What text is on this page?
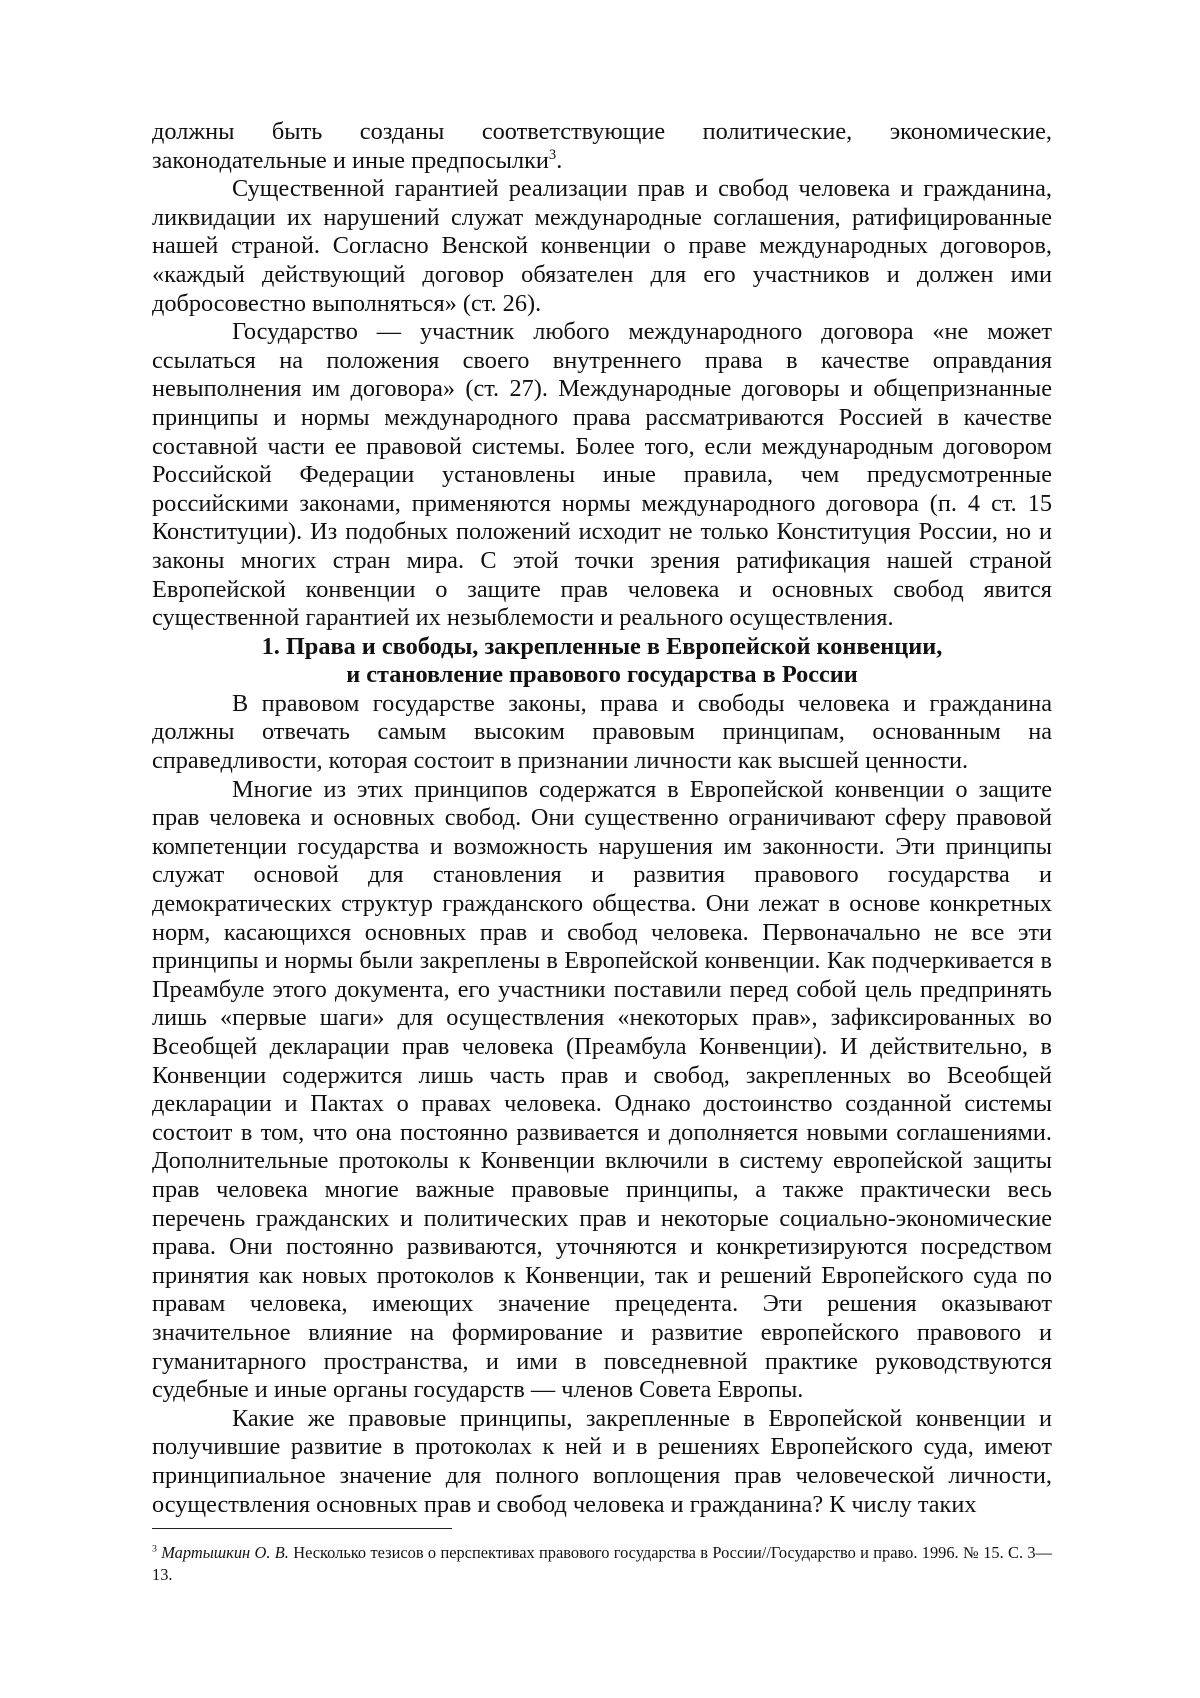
должны быть созданы соответствующие политические, экономические, законодательные и иные предпосылки$^3$.

Существенной гарантией реализации прав и свобод человека и гражданина, ликвидации их нарушений служат международные соглашения, ратифицированные нашей страной. Согласно Венской конвенции о праве международных договоров, «каждый действующий договор обязателен для его участников и должен ими добросовестно выполняться» (ст. 26).

Государство — участник любого международного договора «не может ссылаться на положения своего внутреннего права в качестве оправдания невыполнения им договора» (ст. 27). Международные договоры и общепризнанные принципы и нормы международного права рассматриваются Россией в качестве составной части ее правовой системы. Более того, если международным договором Российской Федерации установлены иные правила, чем предусмотренные российскими законами, применяются нормы международного договора (п. 4 ст. 15 Конституции). Из подобных положений исходит не только Конституция России, но и законы многих стран мира. С этой точки зрения ратификация нашей страной Европейской конвенции о защите прав человека и основных свобод явится существенной гарантией их незыблемости и реального осуществления.

1. Права и свободы, закрепленные в Европейской конвенции,
и становление правового государства в России

В правовом государстве законы, права и свободы человека и гражданина должны отвечать самым высоким правовым принципам, основанным на справедливости, которая состоит в признании личности как высшей ценности.

Многие из этих принципов содержатся в Европейской конвенции о защите прав человека и основных свобод. Они существенно ограничивают сферу правовой компетенции государства и возможность нарушения им законности. Эти принципы служат основой для становления и развития правового государства и демократических структур гражданского общества. Они лежат в основе конкретных норм, касающихся основных прав и свобод человека. Первоначально не все эти принципы и нормы были закреплены в Европейской конвенции. Как подчеркивается в Преамбуле этого документа, его участники поставили перед собой цель предпринять лишь «первые шаги» для осуществления «некоторых прав», зафиксированных во Всеобщей декларации прав человека (Преамбула Конвенции). И действительно, в Конвенции содержится лишь часть прав и свобод, закрепленных во Всеобщей декларации и Пактах о правах человека. Однако достоинство созданной системы состоит в том, что она постоянно развивается и дополняется новыми соглашениями. Дополнительные протоколы к Конвенции включили в систему европейской защиты прав человека многие важные правовые принципы, а также практически весь перечень гражданских и политических прав и некоторые социально-экономические права. Они постоянно развиваются, уточняются и конкретизируются посредством принятия как новых протоколов к Конвенции, так и решений Европейского суда по правам человека, имеющих значение прецедента. Эти решения оказывают значительное влияние на формирование и развитие европейского правового и гуманитарного пространства, и ими в повседневной практике руководствуются судебные и иные органы государств — членов Совета Европы.

Какие же правовые принципы, закрепленные в Европейской конвенции и получившие развитие в протоколах к ней и в решениях Европейского суда, имеют принципиальное значение для полного воплощения прав человеческой личности, осуществления основных прав и свобод человека и гражданина? К числу таких

$^3$ Мартышкин О. В. Несколько тезисов о перспективах правового государства в России//Государство и право. 1996. № 15. С. 3—13.
